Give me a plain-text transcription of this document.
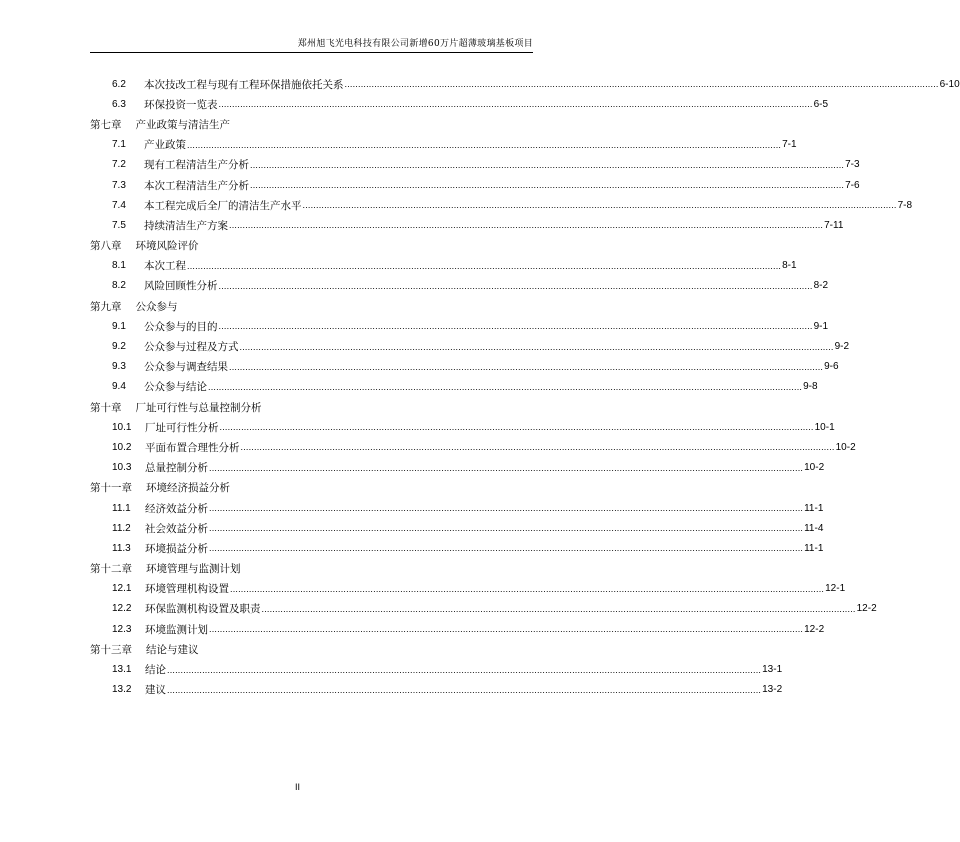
郑州旭飞光电科技有限公司新增60万片超薄玻璃基板项目
6.2	本次技改工程与现有工程环保措施依托关系 ............................................................................................................................................................................................................................ 6-10
6.3	环保投资一览表 ............................................................................................................................................................................................................................ 6-5
第七章 产业政策与清洁生产
7.1	产业政策 ............................................................................................................................................................................................................................ 7-1
7.2	现有工程清洁生产分析 ............................................................................................................................................................................................................................ 7-3
7.3	本次工程清洁生产分析 ............................................................................................................................................................................................................................ 7-6
7.4	本工程完成后全厂的清洁生产水平 ............................................................................................................................................................................................................................ 7-8
7.5	持续清洁生产方案 ............................................................................................................................................................................................................................ 7-11
第八章 环境风险评价
8.1	本次工程 ............................................................................................................................................................................................................................ 8-1
8.2	风险回顾性分析 ............................................................................................................................................................................................................................ 8-2
第九章 公众参与
9.1	公众参与的目的 ............................................................................................................................................................................................................................ 9-1
9.2	公众参与过程及方式 ............................................................................................................................................................................................................................ 9-2
9.3	公众参与调查结果 ............................................................................................................................................................................................................................ 9-6
9.4	公众参与结论 ............................................................................................................................................................................................................................ 9-8
第十章 厂址可行性与总量控制分析
10.1	厂址可行性分析 ............................................................................................................................................................................................................................ 10-1
10.2	平面布置合理性分析 ............................................................................................................................................................................................................................ 10-2
10.3	总量控制分析 ............................................................................................................................................................................................................................ 10-2
第十一章 环境经济损益分析
11.1	经济效益分析 ............................................................................................................................................................................................................................ 11-1
11.2	社会效益分析 ............................................................................................................................................................................................................................ 11-4
11.3	环境损益分析 ............................................................................................................................................................................................................................ 11-1
第十二章 环境管理与监测计划
12.1	环境管理机构设置 ............................................................................................................................................................................................................................ 12-1
12.2	环保监测机构设置及职责 ............................................................................................................................................................................................................................ 12-2
12.3	环境监测计划 ............................................................................................................................................................................................................................ 12-2
第十三章 结论与建议
13.1	结论 ............................................................................................................................................................................................................................ 13-1
13.2	建议 ............................................................................................................................................................................................................................ 13-2
II
